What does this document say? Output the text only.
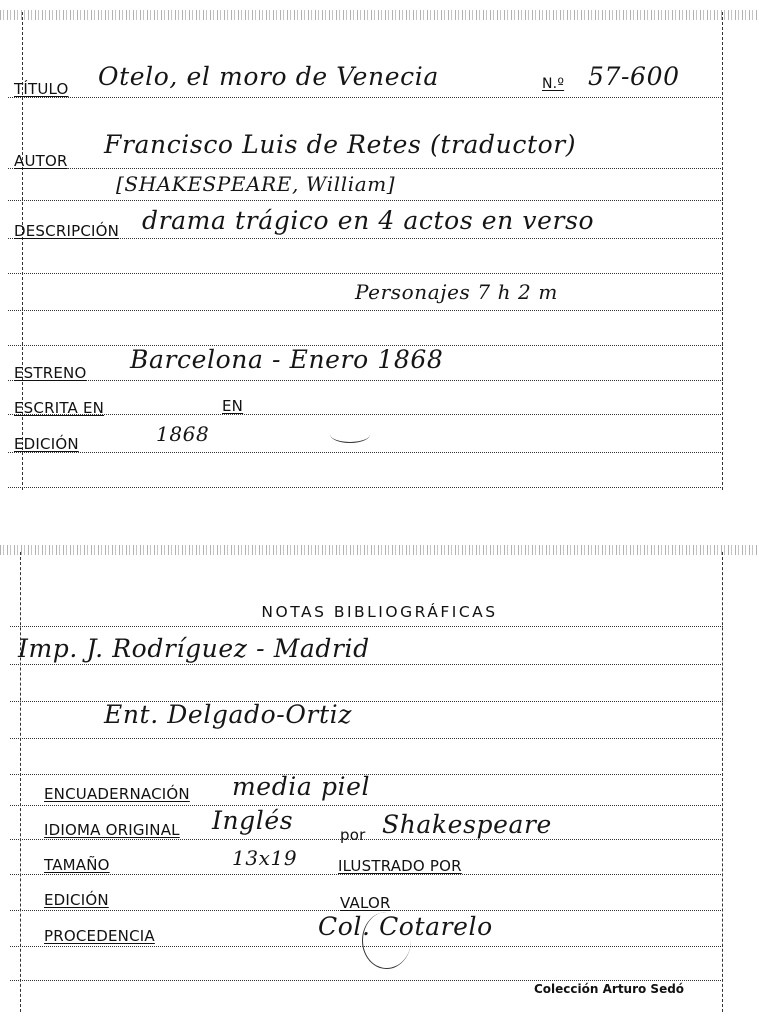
TÍTULO Otelo, el moro de Venecia	N.º 57-600
AUTOR
Francisco Luis de Retes (traductor)
[SHAKESPEARE, William]
DESCRIPCIÓN drama trágico en 4 actos en verso
Personajes 7 h 2 m
ESTRENO Barcelona - Enero 1868
ESCRITA EN	EN
EDICIÓN	1868
NOTAS BIBLIOGRÁFICAS
Imp. J. Rodríguez - Madrid
Ent. Delgado-Ortiz
ENCUADERNACIÓN media piel
IDIOMA ORIGINAL Inglés	por Shakespeare
TAMAÑO	13x19	ILUSTRADO POR
EDICIÓN	VALOR
PROCEDENCIA	Col. Cotarelo
Colección Arturo Sedó
